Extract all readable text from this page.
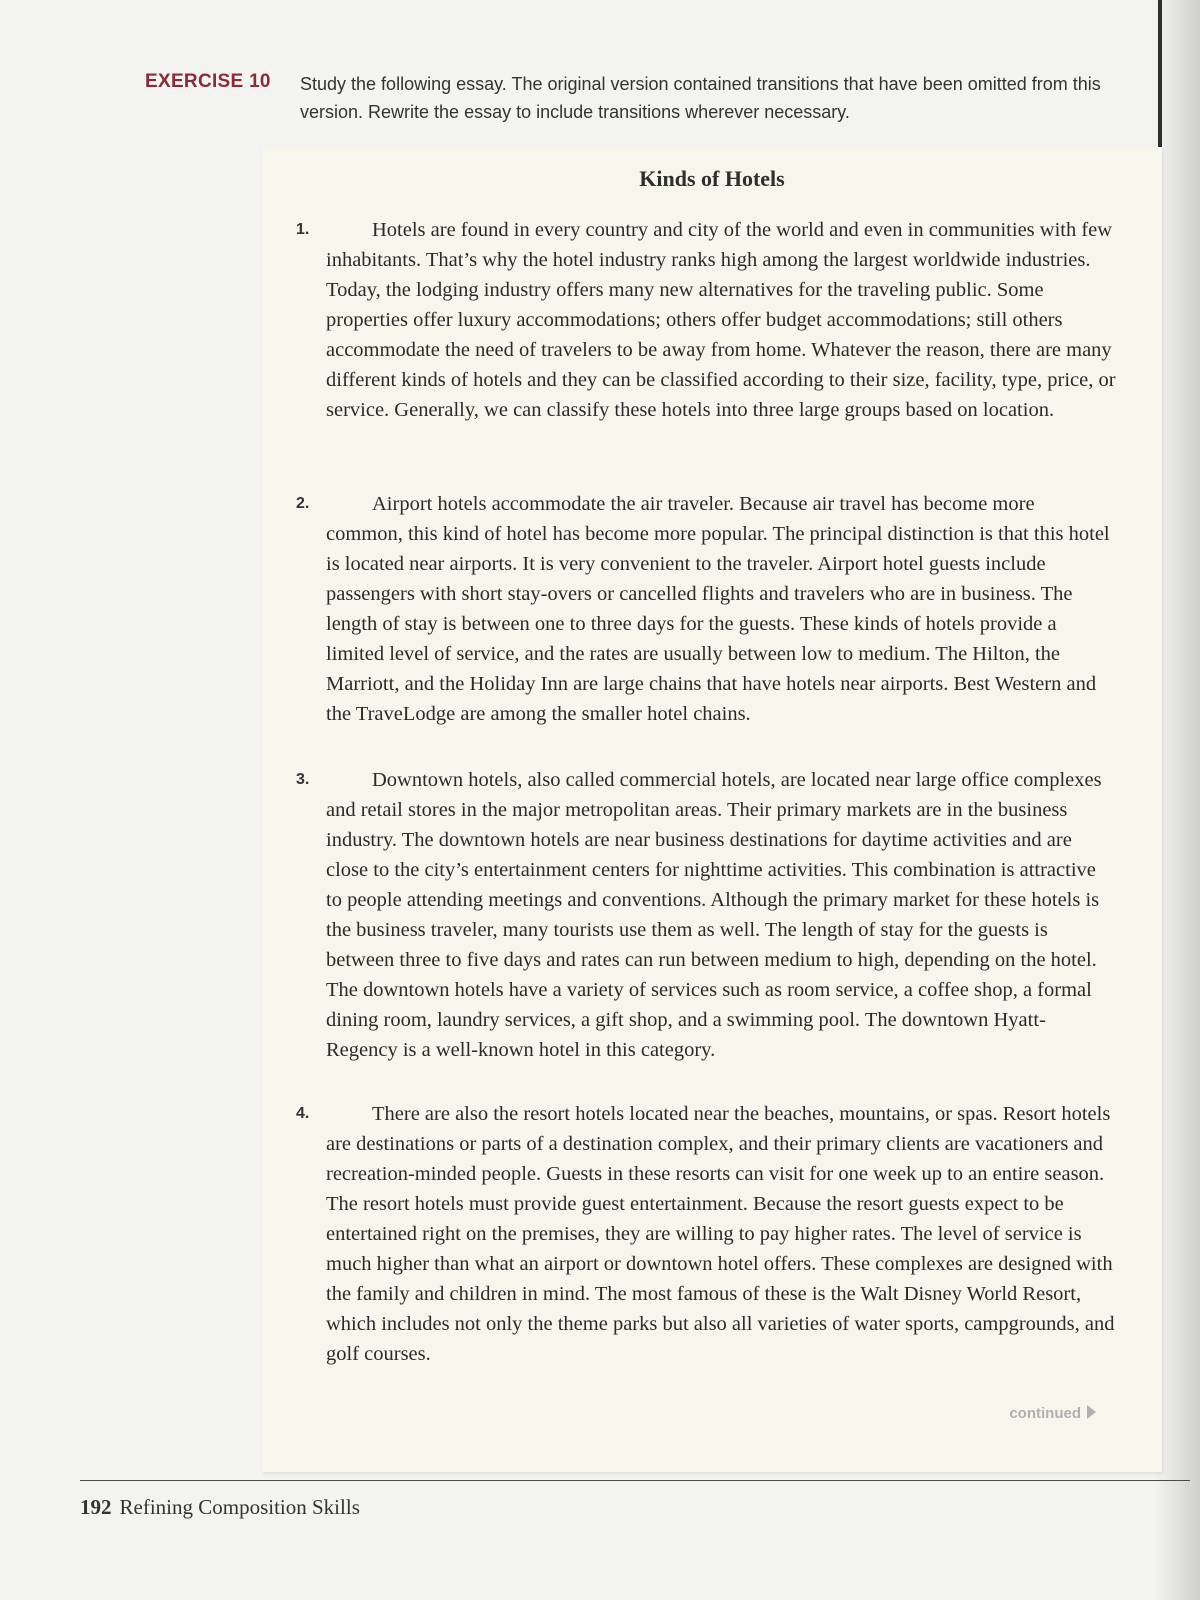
EXERCISE 10 Study the following essay. The original version contained transitions that have been omitted from this version. Rewrite the essay to include transitions wherever necessary.
Kinds of Hotels
1.	Hotels are found in every country and city of the world and even in communities with few inhabitants. That’s why the hotel industry ranks high among the largest worldwide industries. Today, the lodging industry offers many new alternatives for the traveling public. Some properties offer luxury accommodations; others offer budget accommodations; still others accommodate the need of travelers to be away from home. Whatever the reason, there are many different kinds of hotels and they can be classified according to their size, facility, type, price, or service. Generally, we can classify these hotels into three large groups based on location.

2.	Airport hotels accommodate the air traveler. Because air travel has become more common, this kind of hotel has become more popular. The principal distinction is that this hotel is located near airports. It is very convenient to the traveler. Airport hotel guests include passengers with short stay-overs or cancelled flights and travelers who are in business. The length of stay is between one to three days for the guests. These kinds of hotels provide a limited level of service, and the rates are usually between low to medium. The Hilton, the Marriott, and the Holiday Inn are large chains that have hotels near airports. Best Western and the TraveLodge are among the smaller hotel chains.

3.	Downtown hotels, also called commercial hotels, are located near large office complexes and retail stores in the major metropolitan areas. Their primary markets are in the business industry. The downtown hotels are near business destinations for daytime activities and are close to the city’s entertainment centers for nighttime activities. This combination is attractive to people attending meetings and conventions. Although the primary market for these hotels is the business traveler, many tourists use them as well. The length of stay for the guests is between three to five days and rates can run between medium to high, depending on the hotel. The downtown hotels have a variety of services such as room service, a coffee shop, a formal dining room, laundry services, a gift shop, and a swimming pool. The downtown Hyatt-Regency is a well-known hotel in this category.

4.	There are also the resort hotels located near the beaches, mountains, or spas. Resort hotels are destinations or parts of a destination complex, and their primary clients are vacationers and recreation-minded people. Guests in these resorts can visit for one week up to an entire season. The resort hotels must provide guest entertainment. Because the resort guests expect to be entertained right on the premises, they are willing to pay higher rates. The level of service is much higher than what an airport or downtown hotel offers. These complexes are designed with the family and children in mind. The most famous of these is the Walt Disney World Resort, which includes not only the theme parks but also all varieties of water sports, campgrounds, and golf courses.

continued
192 Refining Composition Skills
